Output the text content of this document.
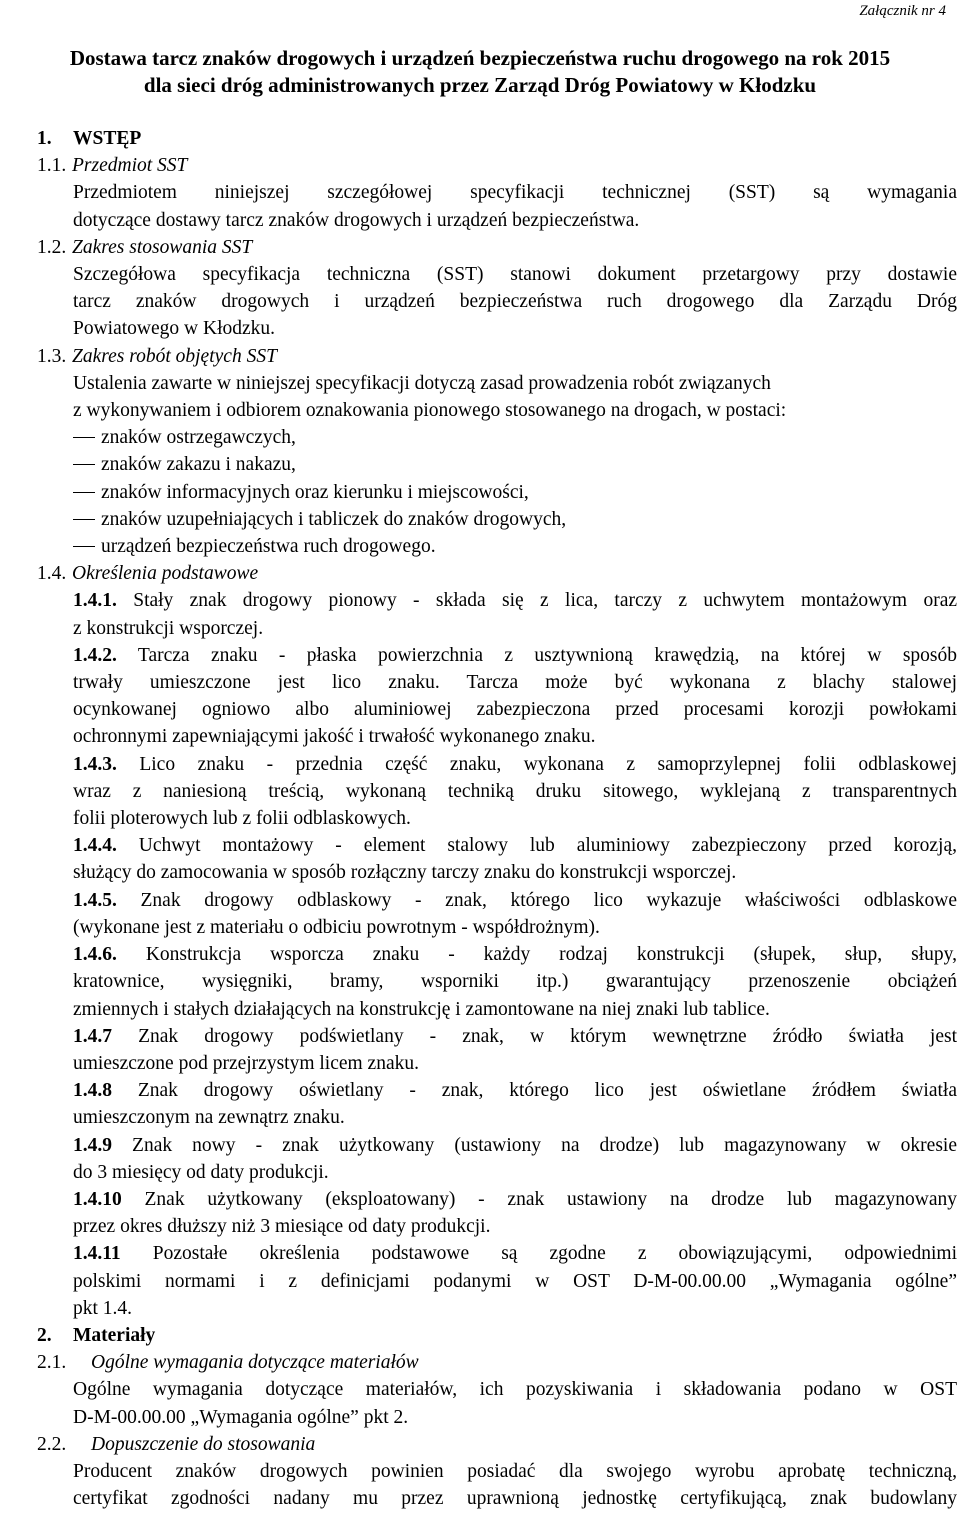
Załącznik nr 4
Dostawa tarcz znaków drogowych i urządzeń bezpieczeństwa ruchu drogowego na rok 2015
dla sieci dróg administrowanych przez Zarząd Dróg Powiatowy w Kłodzku
1. WSTĘP
1.1. Przedmiot SST
Przedmiotem niniejszej szczegółowej specyfikacji technicznej (SST) są wymagania
dotyczące dostawy tarcz znaków drogowych i urządzeń bezpieczeństwa.
1.2. Zakres stosowania SST
Szczegółowa specyfikacja techniczna (SST) stanowi dokument przetargowy przy dostawie
tarcz znaków drogowych i urządzeń bezpieczeństwa ruch drogowego dla Zarządu Dróg
Powiatowego w Kłodzku.
1.3. Zakres robót objętych SST
Ustalenia zawarte w niniejszej specyfikacji dotyczą zasad prowadzenia robót związanych
z wykonywaniem i odbiorem oznakowania pionowego stosowanego na drogach, w postaci:
znaków ostrzegawczych,
znaków zakazu i nakazu,
znaków informacyjnych oraz kierunku i miejscowości,
znaków uzupełniających i tabliczek do znaków drogowych,
urządzeń bezpieczeństwa ruch drogowego.
1.4. Określenia podstawowe
1.4.1. Stały znak drogowy pionowy - składa się z lica, tarczy z uchwytem montażowym oraz
z konstrukcji wsporczej.
1.4.2. Tarcza znaku - płaska powierzchnia z usztywnioną krawędzią, na której w sposób
trwały umieszczone jest lico znaku. Tarcza może być wykonana z blachy stalowej
ocynkowanej ogniowo albo aluminiowej zabezpieczona przed procesami korozji powłokami
ochronnymi zapewniającymi jakość i trwałość wykonanego znaku.
1.4.3. Lico znaku - przednia część znaku, wykonana z samoprzylepnej folii odblaskowej
wraz z naniesioną treścią, wykonaną techniką druku sitowego, wyklejaną z transparentnych
folii ploterowych lub z folii odblaskowych.
1.4.4. Uchwyt montażowy - element stalowy lub aluminiowy zabezpieczony przed korozją,
służący do zamocowania w sposób rozłączny tarczy znaku do konstrukcji wsporczej.
1.4.5. Znak drogowy odblaskowy - znak, którego lico wykazuje właściwości odblaskowe
(wykonane jest z materiału o odbiciu powrotnym - współdrożnym).
1.4.6. Konstrukcja wsporcza znaku - każdy rodzaj konstrukcji (słupek, słup, słupy,
kratownice, wysięgniki, bramy, wsporniki itp.) gwarantujący przenoszenie obciążeń
zmiennych i stałych działających na konstrukcję i zamontowane na niej znaki lub tablice.
1.4.7 Znak drogowy podświetlany - znak, w którym wewnętrzne źródło światła jest
umieszczone pod przejrzystym licem znaku.
1.4.8 Znak drogowy oświetlany - znak, którego lico jest oświetlane źródłem światła
umieszczonym na zewnątrz znaku.
1.4.9 Znak nowy - znak użytkowany (ustawiony na drodze) lub magazynowany w okresie
do 3 miesięcy od daty produkcji.
1.4.10 Znak użytkowany (eksploatowany) - znak ustawiony na drodze lub magazynowany
przez okres dłuższy niż 3 miesiące od daty produkcji.
1.4.11 Pozostałe określenia podstawowe są zgodne z obowiązującymi, odpowiednimi
polskimi normami i z definicjami podanymi w OST D-M-00.00.00 „Wymagania ogólne”
pkt 1.4.
2. Materiały
2.1. Ogólne wymagania dotyczące materiałów
Ogólne wymagania dotyczące materiałów, ich pozyskiwania i składowania podano w OST
D-M-00.00.00 „Wymagania ogólne” pkt 2.
2.2. Dopuszczenie do stosowania
Producent znaków drogowych powinien posiadać dla swojego wyrobu aprobatę techniczną,
certyfikat zgodności nadany mu przez uprawnioną jednostkę certyfikującą, znak budowlany
